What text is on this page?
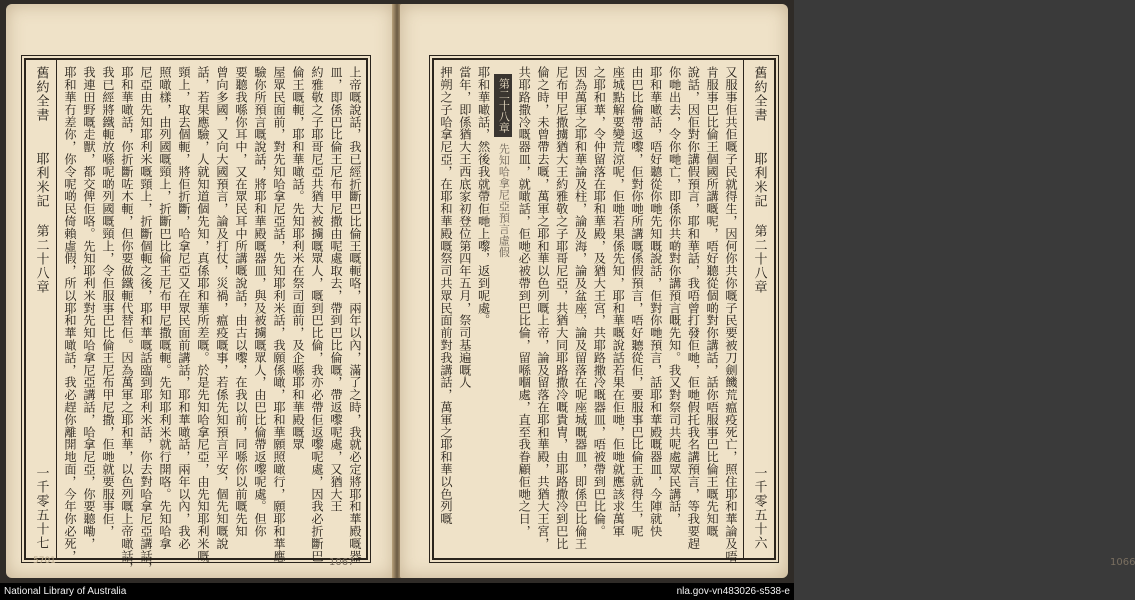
舊約全書
耶利米記
第二十八章
一千零五十七	上帝嘅說話，我已經折斷巴比倫王嘅軛咯，兩年以內，滿了之時，我就必定將耶和華殿嘅器
皿，即係巴比倫王尼布甲尼撒由呢處取去，帶到巴比倫嘅，帶返嚟呢處，又猶大王
約雅敬之子耶哥尼亞共猶大被擄嘅眾人，嘅到巴比倫，我亦必帶佢返嚟呢處，因我必折斷巴
倫王嘅軛，耶和華噉話。先知耶利米在祭司面前，及企喺耶和華殿嘅眾
屋眾民面前，對先知哈拿尼亞話，先知耶利米話，我願係噉，耶和華願照噉行，願耶和華應
驗你所預言嘅說話，將耶和華殿嘅器皿，與及被擄嘅眾人，由巴比倫帶返嚟呢處。但你
要聽我喺你耳中，又在眾民耳中所講嘅說話，由古以嚟，在我以前，同喺你以前嘅先知
曾向多國，又向大國預言，論及打仗，災禍，瘟疫嘅事，若係先知預言平安，個先知嘅說
話，若果應驗，人就知道個先知，真係耶和華所差嘅。於是先知哈拿尼亞，由先知耶利米嘅
頸上，取去個軛，將佢折斷，哈拿尼亞又在眾民面前講話，耶和華噉話，兩年以內，我必
照噉樣，由列國嘅頸上，折斷巴比倫王尼布甲尼撒嘅軛。先知耶利米就行開咯。先知哈拿
尼亞由先知耶利米嘅頸上，折斷個軛之後，耶和華嘅話臨到耶利米話，你去對哈拿尼亞講話，
耶和華噉話，你折斷咗木軛，但你要做鐵軛代替佢。因為萬軍之耶和華，以色列嘅上帝噉話，
我已經將鐵軛放喺呢啲列國嘅頸上，令佢服事巴比倫王尼布甲尼撒，佢哋就要服事佢，
我連田野嘅走獸，都交俾佢咯。先知耶利米對先知哈拿尼亞講話，哈拿尼亞，你要聽嘞，
耶和華冇差你，你令呢啲民倚賴虛假，所以耶和華噉話，我必趕你離開地面，今年你必死，
5701	1067
舊約全書
耶利米記
第二十八章
一千零五十六
又服事佢共佢嘅子民就得生，因何你共你嘅子民要被刀劍饑荒瘟疫死亡，照住耶和華論及唔
肯服事巴比倫王個國所講嘅呢，唔好聽從個啲對你講話，話你唔服事巴比倫王嘅先知嘅
說話，因佢對你講假預言，耶和華話，我唔曾打發佢哋，佢哋假托我名講預言，等我要趕
你哋出去，令你哋亡，即係你共啲對你講預言嘅先知。我又對祭司共呢處眾民講話，
耶和華噉話，唔好聽從你哋先知嘅說話，佢對你哋預言，話耶和華殿嘅器皿，今陣就快
由巴比倫帶返嚟，佢對你哋所講嘅係假預言，唔好聽從佢，要服事巴比倫王就得生，呢
座城點解要變荒涼呢，佢哋若果係先知，耶和華嘅說話若果在佢哋，佢哋就應該求萬軍
之耶和華，令仲留落在耶和華殿，及猶大王宮，共耶路撒冷嘅器皿，唔被帶到巴比倫。
因為萬軍之耶和華論及柱，論及海，論及盆座，論及留落在呢座城嘅器皿，即係巴比倫王
尼布甲尼撒擄猶大王約雅敬之子耶哥尼亞，共猶大同耶路撒冷嘅貴冑，由耶路撒冷到巴比
倫之時，未曾帶去嘅，萬軍之耶和華以色列嘅上帝，論及留落在耶和華殿，共猶大王宮，
共耶路撒冷嘅器皿，就噉話，佢哋必被帶到巴比倫，留喺嗰處，直至我眷顧佢哋之日，
第二十八章
先知哈拿尼亞預言虛假
耶和華噉話，然後我就帶佢哋上嚟，返到呢處。
當年，即係猶大王西底家初登位第四年五月，祭司基遍嘅人
押朔之子哈拿尼亞，在耶和華殿嘅祭司共眾民面前對我講話，萬軍之耶和華以色列嘅
1066
National Library of Australia	nla.gov-vn483026-s538-e
